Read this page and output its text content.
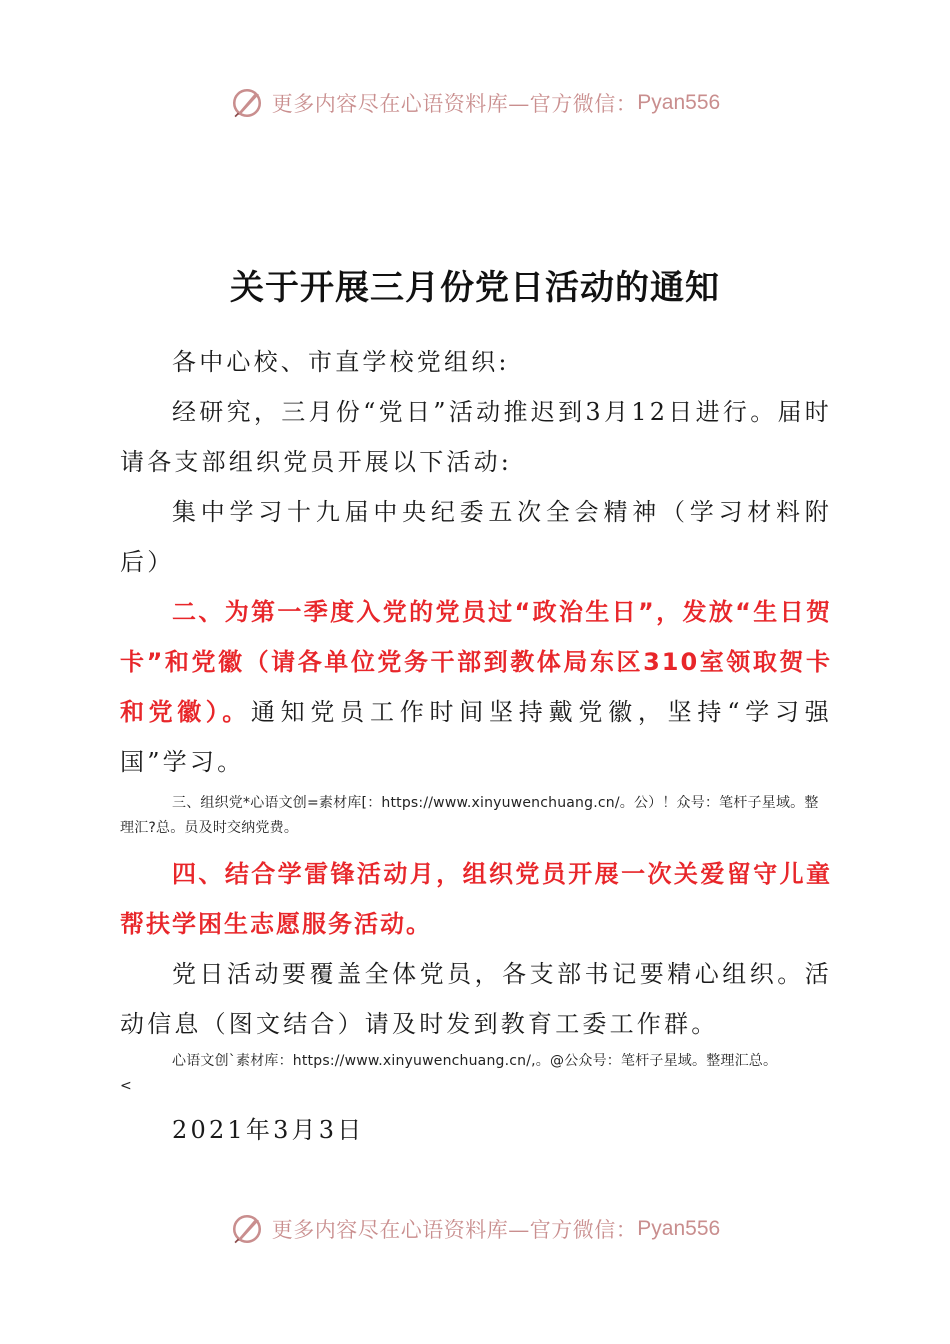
更多内容尽在心语资料库—官方微信： Pyan556
关于开展三月份党日活动的通知

各中心校、市直学校党组织:

经研究，三月份“党日”活动推迟到3月12日进行。届时请各支部组织党员开展以下活动:

集中学习十九届中央纪委五次全会精神（学习材料附后）

二、为第一季度入党的党员过“政治生日”，发放“生日贺卡”和党徽（请各单位党务干部到教体局东区310室领取贺卡和党徽）。通知党员工作时间坚持戴党徽，坚持“学习强国”学习。

三、组织党*心语文创=素材库[：https://www.xinyuwenchuang.cn/。公）！众号：笔杆子星域。整理汇?总。员及时交纳党费。

四、结合学雷锋活动月，组织党员开展一次关爱留守儿童帮扶学困生志愿服务活动。

党日活动要覆盖全体党员，各支部书记要精心组织。活动信息（图文结合）请及时发到教育工委工作群。

心语文创`素材库：https://www.xinyuwenchuang.cn/,。@公众号：笔杆子星域。整理汇总。

<

2021年3月3日

更多内容尽在心语资料库—官方微信： Pyan556
